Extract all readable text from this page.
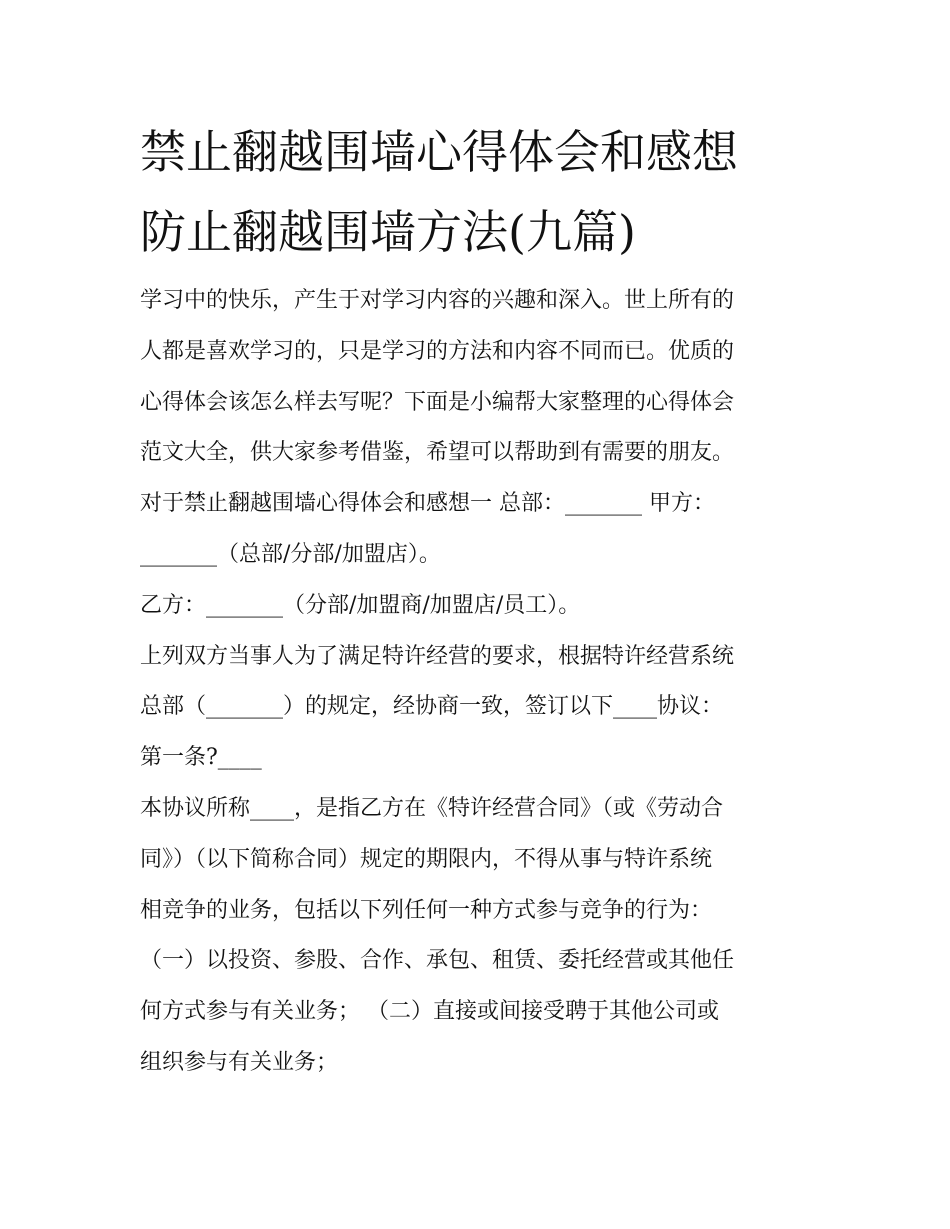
禁止翻越围墙心得体会和感想
防止翻越围墙方法(九篇)
学习中的快乐，产生于对学习内容的兴趣和深入。世上所有的
人都是喜欢学习的，只是学习的方法和内容不同而已。优质的
心得体会该怎么样去写呢？下面是小编帮大家整理的心得体会
范文大全，供大家参考借鉴，希望可以帮助到有需要的朋友。
对于禁止翻越围墙心得体会和感想一 总部：_______ 甲方：
_______（总部/分部/加盟店）。
乙方：_______（分部/加盟商/加盟店/员工）。
上列双方当事人为了满足特许经营的要求，根据特许经营系统
总部（_______）的规定，经协商一致，签订以下____协议：
第一条?____
本协议所称____，是指乙方在《特许经营合同》（或《劳动合
同》）（以下简称合同）规定的期限内，不得从事与特许系统
相竞争的业务，包括以下列任何一种方式参与竞争的行为：
（一）以投资、参股、合作、承包、租赁、委托经营或其他任
何方式参与有关业务； （二）直接或间接受聘于其他公司或
组织参与有关业务；
